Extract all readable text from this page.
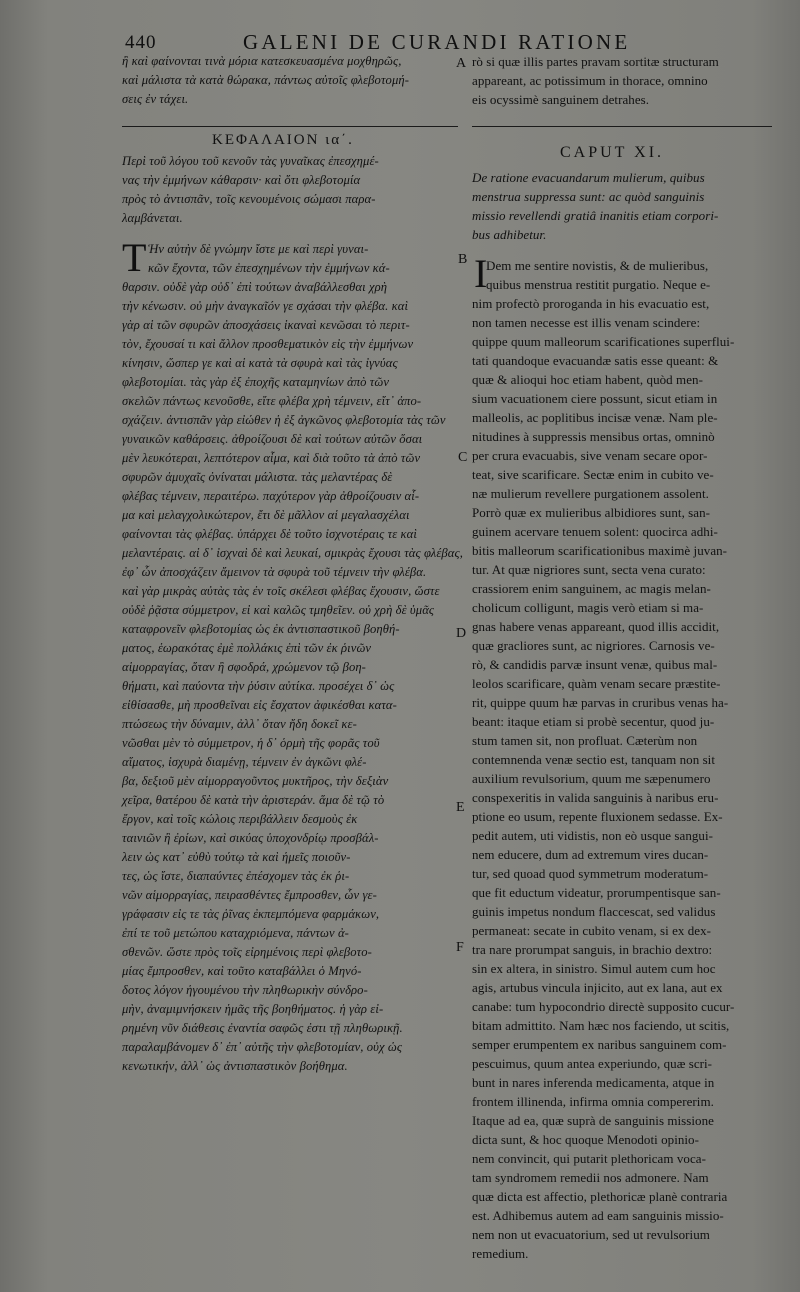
440	GALENI DE CURANDI RATIONE
ἢ καὶ φαίνονται τινὰ μόρια κατεσκευασμένα μοχθηρῶς,
καὶ μάλιστα τὰ κατὰ θώρακα, πάντως αὐτοῖς φλεβοτομή-
σεις ἐν τάχει.
rò si quæ illis partes pravam sortitæ structuram
appareant, ac potissimum in thorace, omnino
eis ocyssimè sanguinem detrahes.
ΚΕΦΑΛΑΙΟΝ ια΄.
CAPUT XI.
Περὶ τοῦ λόγου τοῦ κενοῦν τὰς γυναῖκας ἐπεσχημέ-
νας τὴν ἐμμήνων κάθαρσιν· καὶ ὅτι φλεβοτομία
πρὸς τὸ ἀντισπᾶν, τοῖς κενουμένοις σώμασι παρα-
λαμβάνεται.
De ratione evacuandarum mulierum, quibus
menstrua suppressa sunt: ac quòd sanguinis
missio revellendi gratiâ inanitis etiam corpori-
bus adhibetur.
Τ	I
Ἡν αὐτὴν δὲ γνώμην ἴστε με καὶ περὶ γυναι-
κῶν ἔχοντα, τῶν ἐπεσχημένων τὴν ἐμμήνων κά-
θαρσιν. οὐδὲ γὰρ οὐδ᾽ ἐπὶ τούτων ἀναβάλλεσθαι χρὴ
τὴν κένωσιν. οὐ μὴν ἀναγκαῖόν γε σχάσαι τὴν φλέβα. καὶ
γὰρ αἱ τῶν σφυρῶν ἀποσχάσεις ἱκαναὶ κενῶσαι τὸ περιτ-
τὸν, ἔχουσαί τι καὶ ἄλλον προσθεματικὸν εἰς τὴν ἐμμήνων
κίνησιν, ὥσπερ γε καὶ αἱ κατὰ τὰ σφυρὰ καὶ τὰς ἰγνύας
φλεβοτομίαι. τὰς γὰρ ἐξ ἐποχῆς καταμηνίων ἀπὸ τῶν
σκελῶν πάντως κενοῦσθε, εἴτε φλέβα χρὴ τέμνειν, εἴτ᾽ ἀπο-
σχάζειν. ἀντισπᾶν γὰρ εἰώθεν ἡ ἐξ ἀγκῶνος φλεβοτομία τὰς τῶν
γυναικῶν καθάρσεις. ἀθροίζουσι δὲ καὶ τούτων αὐτῶν ὅσαι
μὲν λευκότεραι, λεπτότερον αἷμα, καὶ διὰ τοῦτο τὰ ἀπὸ τῶν
σφυρῶν ἀμυχαῖς ὀνίναται μάλιστα. τὰς μελαντέρας δὲ
φλέβας τέμνειν, περαιτέρω. παχύτερον γὰρ ἀθροίζουσιν αἷ-
μα καὶ μελαγχολικώτερον, ἔτι δὲ μᾶλλον αἱ μεγαλασχέλαι
φαίνονται τὰς φλέβας. ὑπάρχει δὲ τοῦτο ἰσχνοτέραις τε καὶ
μελαντέραις. αἱ δ᾽ ἰσχναὶ δὲ καὶ λευκαί, σμικρὰς ἔχουσι τὰς φλέβας,
ἐφ᾽ ὧν ἀποσχάζειν ἄμεινον τὰ σφυρὰ τοῦ τέμνειν τὴν φλέβα.
καὶ γὰρ μικρὰς αὐτὰς τὰς ἐν τοῖς σκέλεσι φλέβας ἔχουσιν, ὥστε
οὐδὲ ῥᾷστα σύμμετρον, εἰ καὶ καλῶς τμηθεῖεν. οὐ χρὴ δὲ ὑμᾶς
καταφρονεῖν φλεβοτομίας ὡς ἐκ ἀντισπαστικοῦ βοηθή-
ματος, ἑωρακότας ἐμὲ πολλάκις ἐπὶ τῶν ἐκ ῥινῶν
αἱμορραγίας, ὅταν ἢ σφοδρά, χρώμενον τῷ βοη-
θήματι, καὶ παύοντα τὴν ῥύσιν αὐτίκα. προσέχει δ᾽ ὡς
εἰθίσασθε, μὴ προσθεῖναι εἰς ἔσχατον ἀφικέσθαι κατα-
πτώσεως τὴν δύναμιν, ἀλλ᾽ ὅταν ἤδη δοκεῖ κε-
νῶσθαι μὲν τὸ σύμμετρον, ἡ δ᾽ ὁρμὴ τῆς φορᾶς τοῦ
αἵματος, ἰσχυρὰ διαμένῃ, τέμνειν ἐν ἀγκῶνι φλέ-
βα, δεξιοῦ μὲν αἱμορραγοῦντος μυκτῆρος, τὴν δεξιὰν
χεῖρα, θατέρου δὲ κατὰ τὴν ἀριστεράν. ἅμα δὲ τῷ τὸ
ἔργον, καὶ τοῖς κώλοις περιβάλλειν δεσμοὺς ἐκ
ταινιῶν ἢ ἐρίων, καὶ σικύας ὑποχονδρίῳ προσβάλ-
λειν ὡς κατ᾽ εὐθὺ τούτῳ τὰ καὶ ἡμεῖς ποιοῦν-
τες, ὡς ἴστε, διαπαύντες ἐπέσχομεν τὰς ἐκ ῥι-
νῶν αἱμορραγίας, πειρασθέντες ἔμπροσθεν, ὧν γε-
γράφασιν εἰς τε τὰς ῥῖνας ἐκπεμπόμενα φαρμάκων,
ἐπί τε τοῦ μετώπου καταχριόμενα, πάντων ἀ-
σθενῶν. ὥστε πρὸς τοῖς εἰρημένοις περὶ φλεβοτο-
μίας ἔμπροσθεν, καὶ τοῦτο καταβάλλει ὁ Μηνό-
δοτος λόγον ἡγουμένου τὴν πληθωρικὴν σύνδρο-
μὴν, ἀναμιμνήσκειν ἡμᾶς τῆς βοηθήματος. ἡ γὰρ εἰ-
ρημένη νῦν διάθεσις ἐναντία σαφῶς ἐστι τῇ πληθωρικῇ.
παραλαμβάνομεν δ᾽ ἐπ᾽ αὐτῆς τὴν φλεβοτομίαν, οὐχ ὡς
κενωτικήν, ἀλλ᾽ ὡς ἀντισπαστικὸν βοήθημα.
Dem me sentire novistis, & de mulieribus,
quibus menstrua restitit purgatio. Neque e-
nim profectò proroganda in his evacuatio est,
non tamen necesse est illis venam scindere:
quippe quum malleorum scarificationes superflui-
tati quandoque evacuandæ satis esse queant: &
quæ & alioqui hoc etiam habent, quòd men-
sium vacuationem ciere possunt, sicut etiam in
malleolis, ac poplitibus incisæ venæ. Nam ple-
nitudines à suppressis mensibus ortas, omninò
per crura evacuabis, sive venam secare opor-
teat, sive scarificare. Sectæ enim in cubito ve-
næ mulierum revellere purgationem assolent.
Porrò quæ ex mulieribus albidiores sunt, san-
guinem acervare tenuem solent: quocirca adhi-
bitis malleorum scarificationibus maximè juvan-
tur. At quæ nigriores sunt, secta vena curato:
crassiorem enim sanguinem, ac magis melan-
cholicum colligunt, magis verò etiam si ma-
gnas habere venas appareant, quod illis accidit,
quæ gracliores sunt, ac nigriores. Carnosis ve-
rò, & candidis parvæ insunt venæ, quibus mal-
leolos scarificare, quàm venam secare præstite-
rit, quippe quum hæ parvas in cruribus venas ha-
beant: itaque etiam si probè secentur, quod ju-
stum tamen sit, non profluat. Cæterùm non
contemnenda venæ sectio est, tanquam non sit
auxilium revulsorium, quum me sæpenumero
conspexeritis in valida sanguinis à naribus eru-
ptione eo usum, repente fluxionem sedasse. Ex-
pedit autem, uti vidistis, non eò usque sangui-
nem educere, dum ad extremum vires ducan-
tur, sed quoad quod symmetrum moderatum-
que fit eductum videatur, prorumpentisque san-
guinis impetus nondum flaccescat, sed validus
permaneat: secate in cubito venam, si ex dex-
tra nare prorumpat sanguis, in brachio dextro:
sin ex altera, in sinistro. Simul autem cum hoc
agis, artubus vincula injicito, aut ex lana, aut ex
canabe: tum hypocondrio directè supposito cucur-
bitam admittito. Nam hæc nos faciendo, ut scitis,
semper erumpentem ex naribus sanguinem com-
pescuimus, quum antea experiundo, quæ scri-
bunt in nares inferenda medicamenta, atque in
frontem illinenda, infirma omnia compererim.
Itaque ad ea, quæ suprà de sanguinis missione
dicta sunt, & hoc quoque Menodoti opinio-
nem convincit, qui putarit plethoricam voca-
tam syndromem remedii nos admonere. Nam
quæ dicta est affectio, plethoricæ planè contraria
est. Adhibemus autem ad eam sanguinis missio-
nem non ut evacuatorium, sed ut revulsorium
remedium.
A
B
C
D
E
F
